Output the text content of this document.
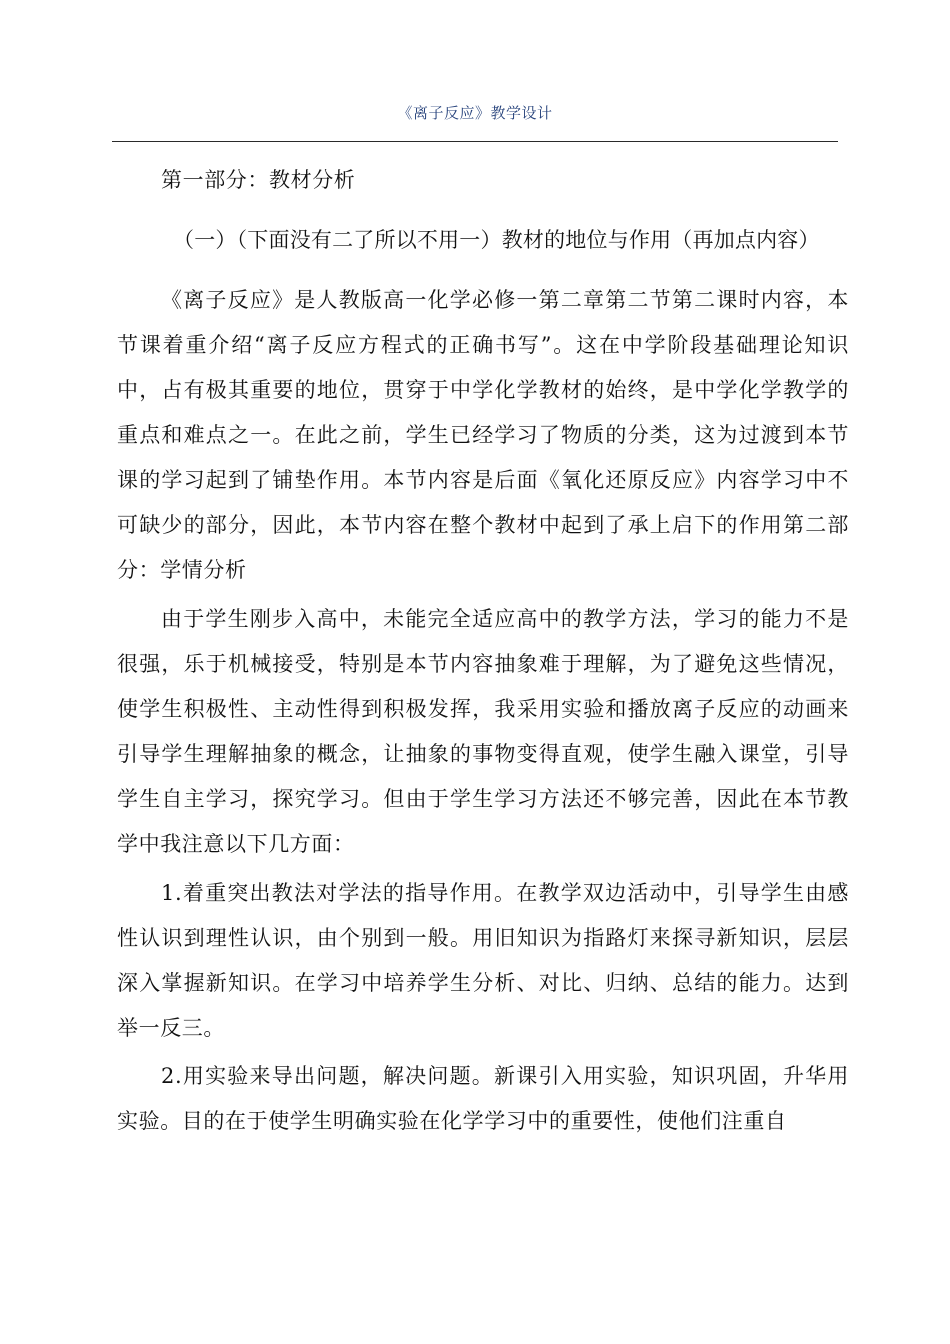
《离子反应》教学设计
第一部分：教材分析
（一）（下面没有二了所以不用一）教材的地位与作用（再加点内容）
《离子反应》是人教版高一化学必修一第二章第二节第二课时内容，本节课着重介绍“离子反应方程式的正确书写”。这在中学阶段基础理论知识中，占有极其重要的地位，贯穿于中学化学教材的始终，是中学化学教学的重点和难点之一。在此之前，学生已经学习了物质的分类，这为过渡到本节课的学习起到了铺垫作用。本节内容是后面《氧化还原反应》内容学习中不可缺少的部分，因此，本节内容在整个教材中起到了承上启下的作用第二部分：学情分析
由于学生刚步入高中，未能完全适应高中的教学方法，学习的能力不是很强，乐于机械接受，特别是本节内容抽象难于理解，为了避免这些情况，使学生积极性、主动性得到积极发挥，我采用实验和播放离子反应的动画来引导学生理解抽象的概念，让抽象的事物变得直观，使学生融入课堂，引导学生自主学习，探究学习。但由于学生学习方法还不够完善，因此在本节教学中我注意以下几方面：
1.着重突出教法对学法的指导作用。在教学双边活动中，引导学生由感性认识到理性认识，由个别到一般。用旧知识为指路灯来探寻新知识，层层深入掌握新知识。在学习中培养学生分析、对比、归纳、总结的能力。达到举一反三。
2.用实验来导出问题，解决问题。新课引入用实验，知识巩固，升华用实验。目的在于使学生明确实验在化学学习中的重要性，使他们注重自
